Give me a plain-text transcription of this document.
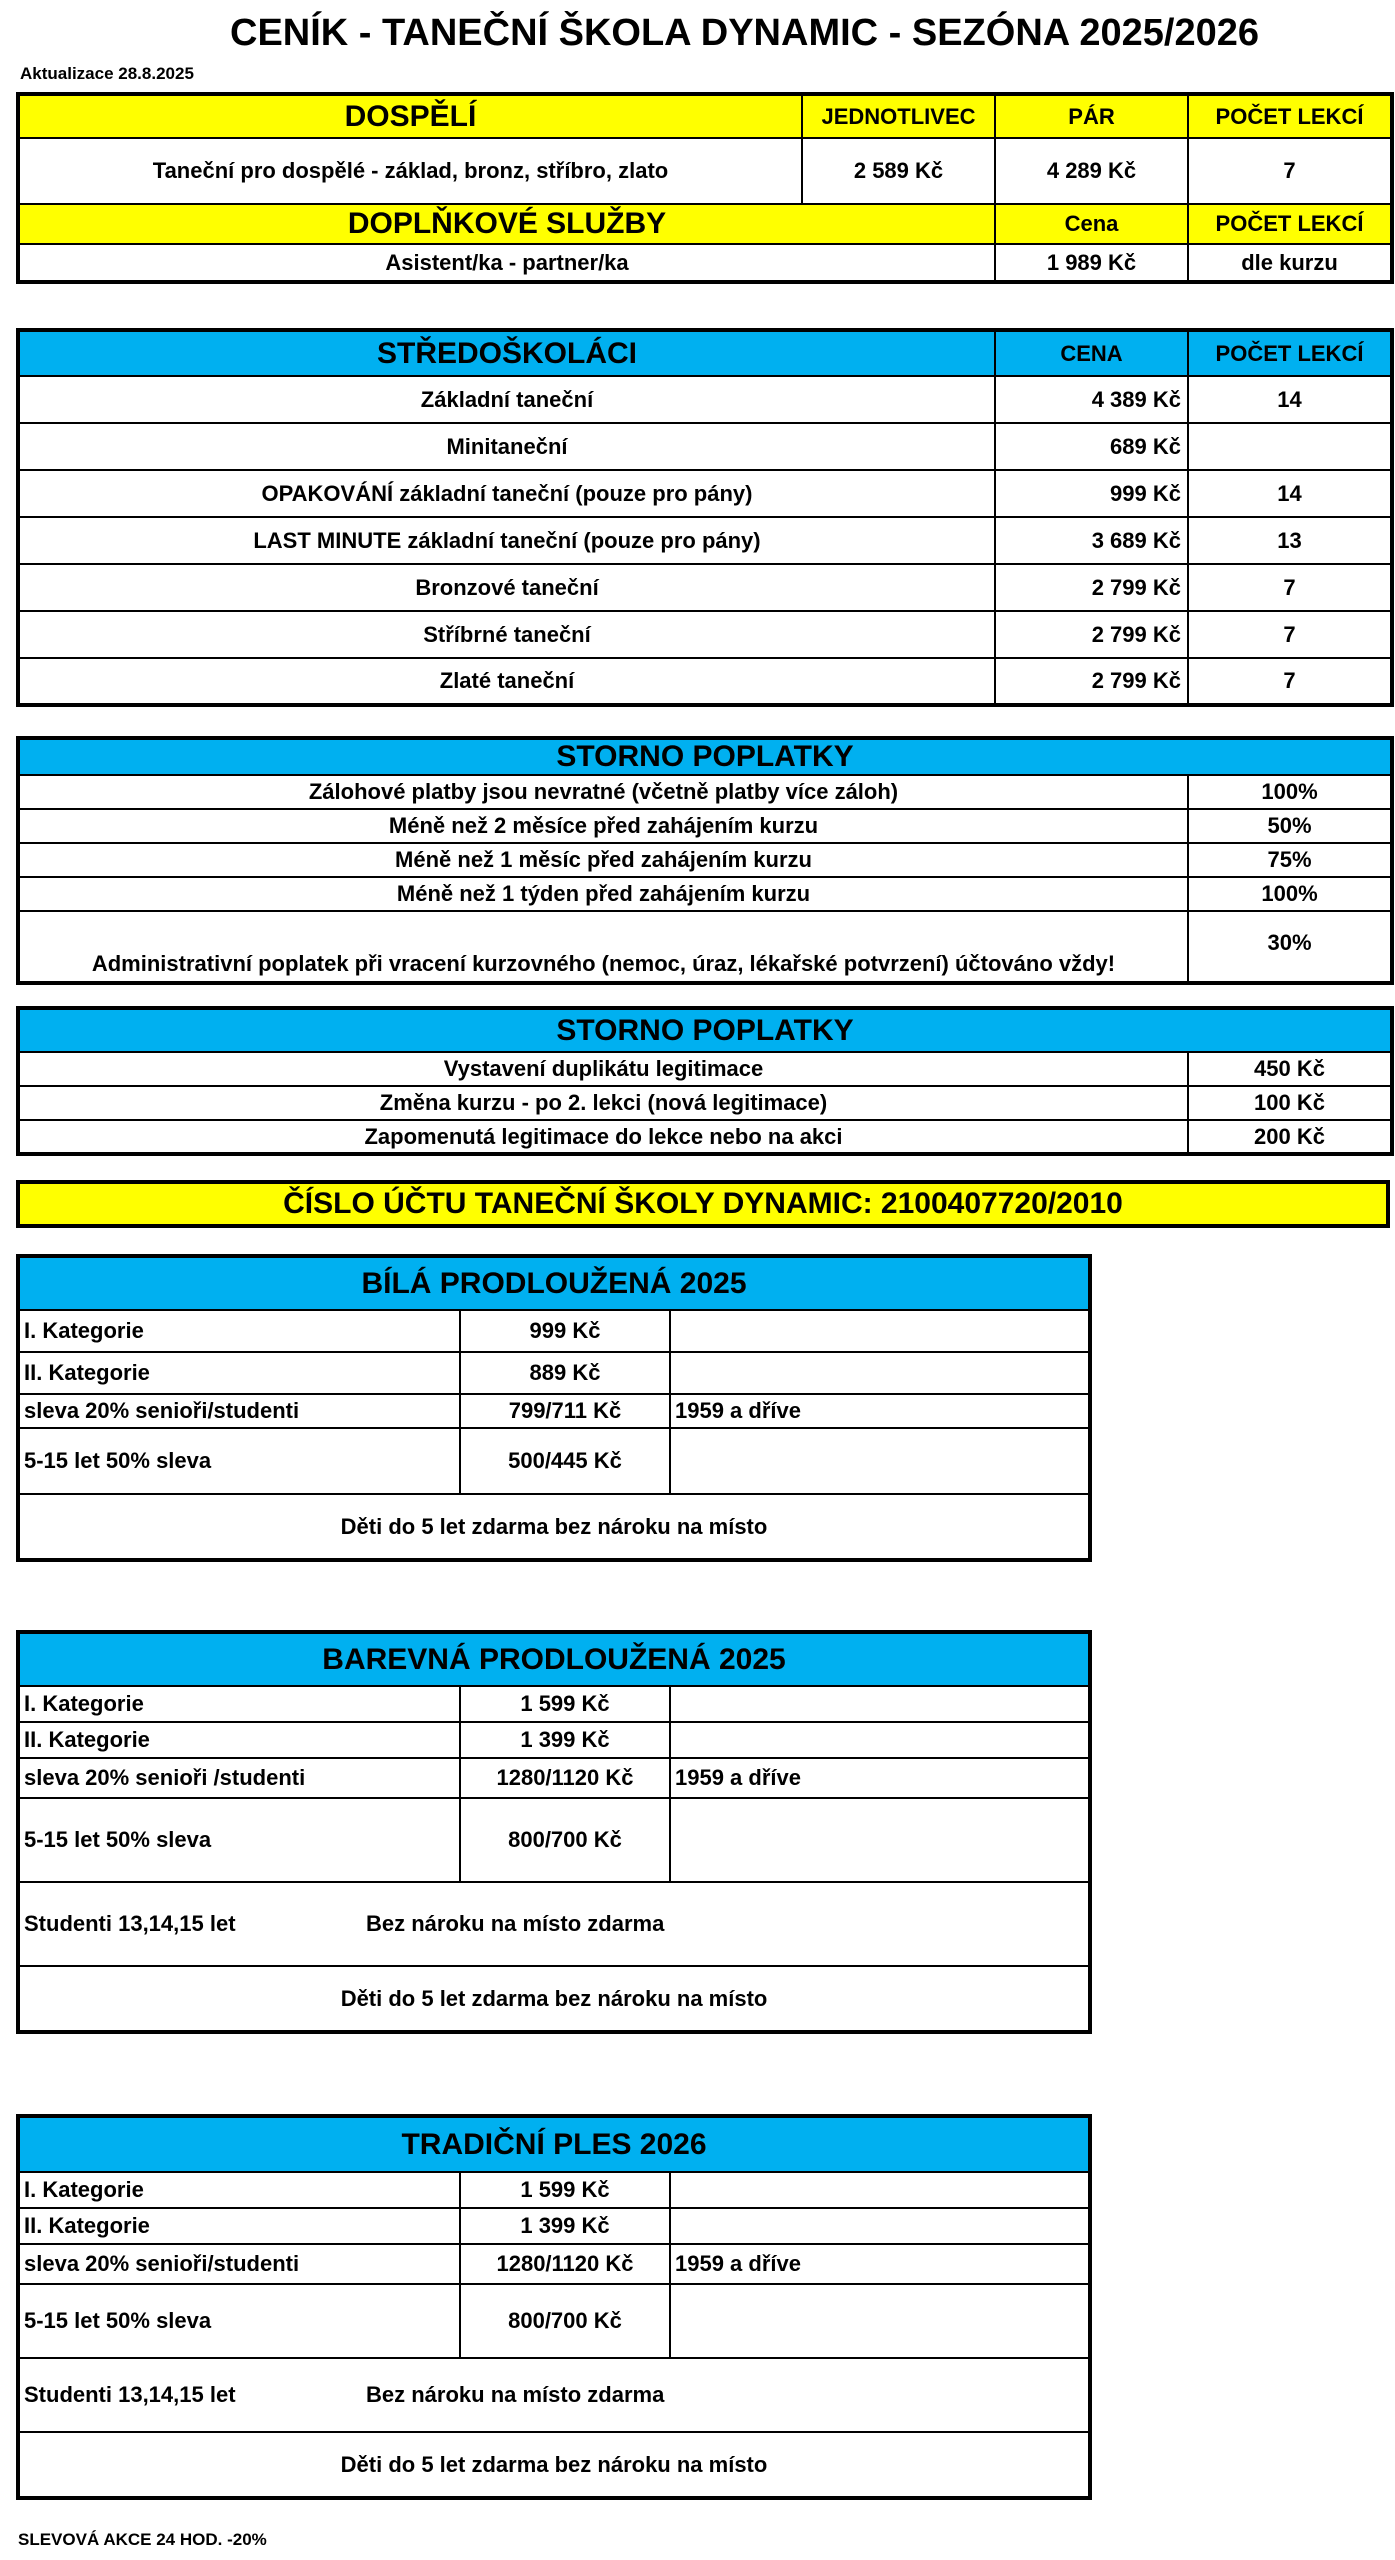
CENÍK - TANEČNÍ ŠKOLA DYNAMIC - SEZÓNA 2025/2026
Aktualizace 28.8.2025
DOSPĚLÍ	JEDNOTLIVEC	PÁR	POČET LEKCÍ
Taneční pro dospělé - základ, bronz, stříbro, zlato	2 589 Kč	4 289 Kč	7
DOPLŇKOVÉ SLUŽBY		Cena	POČET LEKCÍ
Asistent/ka - partner/ka		1 989 Kč	dle kurzu
STŘEDOŠKOLÁCI	CENA	POČET LEKCÍ
Základní taneční	4 389 Kč	14
Minitaneční	689 Kč	
OPAKOVÁNÍ základní taneční (pouze pro pány)	999 Kč	14
LAST MINUTE základní taneční (pouze pro pány)	3 689 Kč	13
Bronzové taneční	2 799 Kč	7
Stříbrné taneční	2 799 Kč	7
Zlaté taneční	2 799 Kč	7
STORNO POPLATKY	
Zálohové platby jsou nevratné (včetně platby více záloh)	100%
Méně než 2 měsíce před zahájením kurzu	50%
Méně než 1 měsíc před zahájením kurzu	75%
Méně než 1 týden před zahájením kurzu	100%
Administrativní poplatek při vracení kurzovného (nemoc, úraz, lékařské potvrzení) účtováno vždy!	30%
STORNO POPLATKY	
Vystavení duplikátu legitimace	450 Kč
Změna kurzu - po 2. lekci (nová legitimace)	100 Kč
Zapomenutá legitimace do lekce nebo na akci	200 Kč
ČÍSLO ÚČTU TANEČNÍ ŠKOLY DYNAMIC: 2100407720/2010
BÍLÁ PRODLOUŽENÁ 2025		
I. Kategorie	999 Kč	
II. Kategorie	889 Kč	
sleva 20% senioři/studenti	799/711 Kč	1959 a dříve
5-15 let 50% sleva	500/445 Kč	
Děti do 5 let zdarma bez nároku na místo		
BAREVNÁ PRODLOUŽENÁ 2025		
I. Kategorie	1 599 Kč	
II. Kategorie	1 399 Kč	
sleva 20% senioři /studenti	1280/1120 Kč	1959 a dříve
5-15 let 50% sleva	800/700 Kč	
Studenti 13,14,15 let Bez nároku na místo zdarma		
Děti do 5 let zdarma bez nároku na místo		
TRADIČNÍ PLES 2026		
I. Kategorie	1 599 Kč	
II. Kategorie	1 399 Kč	
sleva 20% senioři/studenti	1280/1120 Kč	1959 a dříve
5-15 let 50% sleva	800/700 Kč	
Studenti 13,14,15 let Bez nároku na místo zdarma		
Děti do 5 let zdarma bez nároku na místo		
SLEVOVÁ AKCE 24 HOD. -20%
